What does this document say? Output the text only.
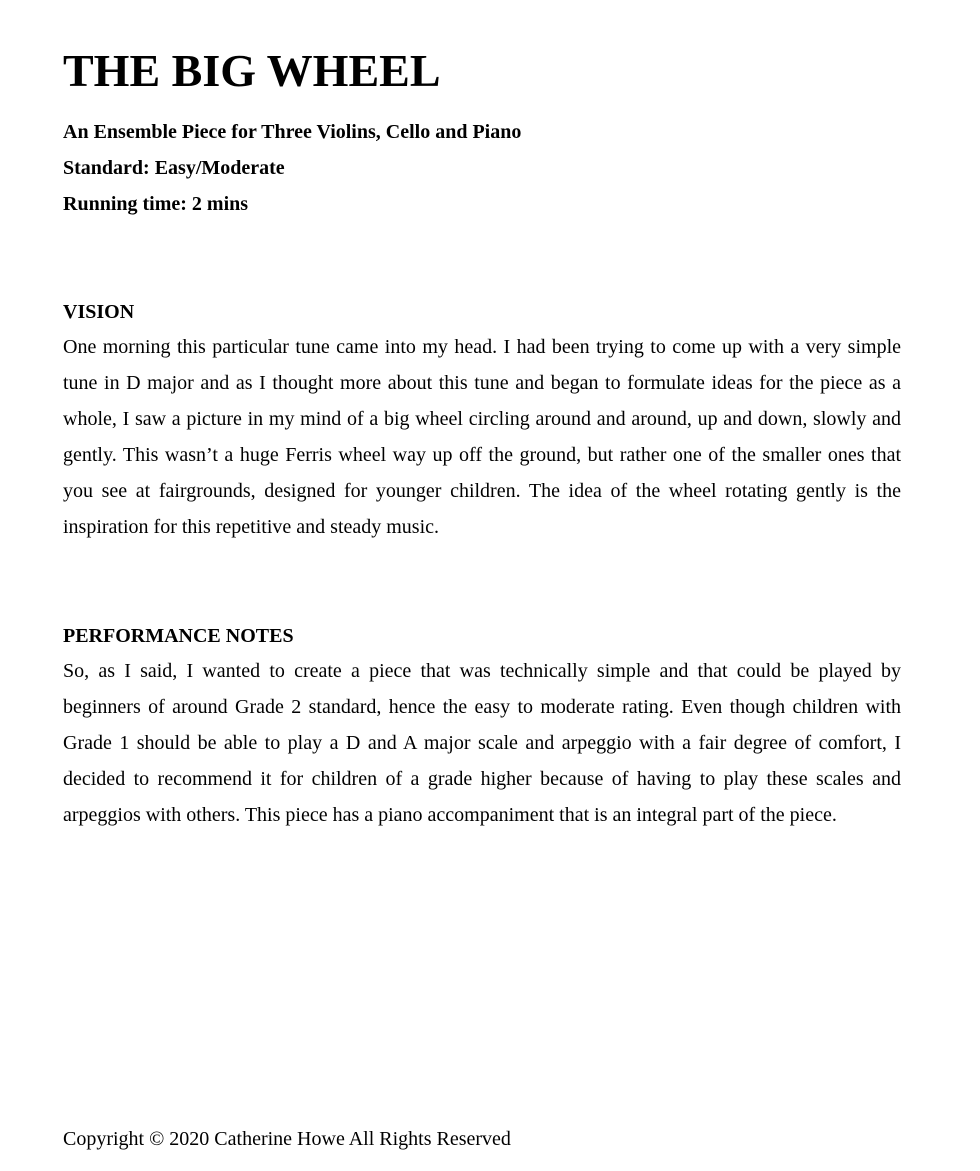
THE BIG WHEEL

An Ensemble Piece for Three Violins, Cello and Piano

Standard: Easy/Moderate

Running time: 2 mins

VISION

One morning this particular tune came into my head. I had been trying to come up with a very simple tune in D major and as I thought more about this tune and began to formulate ideas for the piece as a whole, I saw a picture in my mind of a big wheel circling around and around, up and down, slowly and gently. This wasn’t a huge Ferris wheel way up off the ground, but rather one of the smaller ones that you see at fairgrounds, designed for younger children. The idea of the wheel rotating gently is the inspiration for this repetitive and steady music.

PERFORMANCE NOTES

So, as I said, I wanted to create a piece that was technically simple and that could be played by beginners of around Grade 2 standard, hence the easy to moderate rating. Even though children with Grade 1 should be able to play a D and A major scale and arpeggio with a fair degree of comfort, I decided to recommend it for children of a grade higher because of having to play these scales and arpeggios with others. This piece has a piano accompaniment that is an integral part of the piece.

Copyright © 2020 Catherine Howe All Rights Reserved
